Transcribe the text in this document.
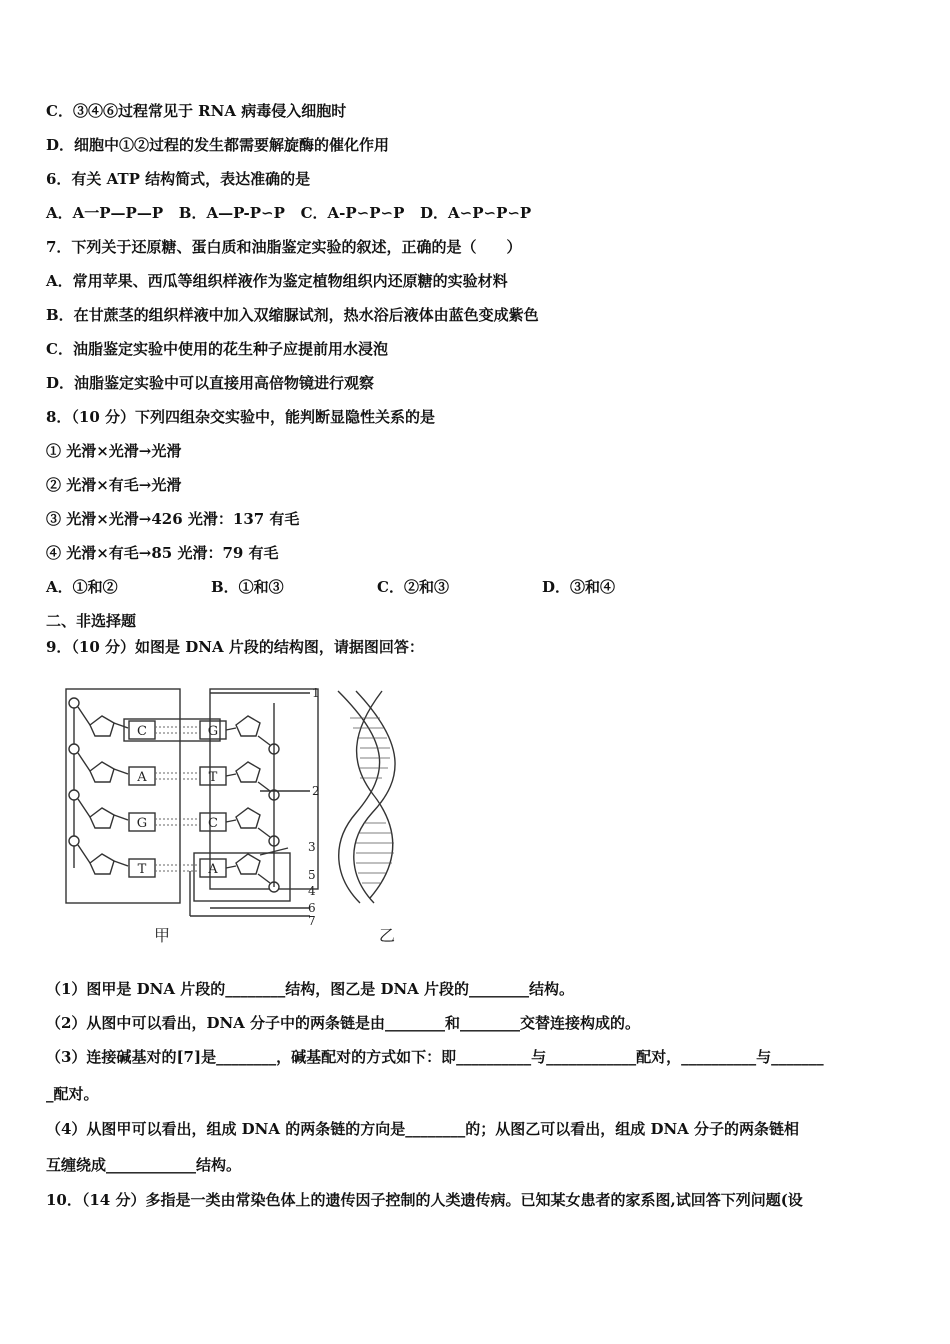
C．③④⑥过程常见于 RNA 病毒侵入细胞时
D．细胞中①②过程的发生都需要解旋酶的催化作用
6．有关 ATP 结构简式，表达准确的是
A．A一P—P—P   B．A—P-P∽P   C．A-P∽P∽P   D．A∽P∽P∽P
7．下列关于还原糖、蛋白质和油脂鉴定实验的叙述，正确的是（　　）
A．常用苹果、西瓜等组织样液作为鉴定植物组织内还原糖的实验材料
B．在甘蔗茎的组织样液中加入双缩脲试剂，热水浴后液体由蓝色变成紫色
C．油脂鉴定实验中使用的花生种子应提前用水浸泡
D．油脂鉴定实验中可以直接用高倍物镜进行观察
8．（10 分）下列四组杂交实验中，能判断显隐性关系的是
① 光滑×光滑→光滑
② 光滑×有毛→光滑
③ 光滑×光滑→426 光滑：137 有毛
④ 光滑×有毛→85 光滑：79 有毛
A．①和②	B．①和③	C．②和③	D．③和④
二、非选择题
9．（10 分）如图是 DNA 片段的结构图，请据图回答：
C
A
G
T
G
T
C
A
1
2
3
4
5
6
7
甲	乙
（1）图甲是 DNA 片段的________结构，图乙是 DNA 片段的________结构。
（2）从图中可以看出，DNA 分子中的两条链是由________和________交替连接构成的。
（3）连接碱基对的[7]是________，碱基配对的方式如下：即__________与____________配对，__________与_______
_配对。
（4）从图甲可以看出，组成 DNA 的两条链的方向是________的；从图乙可以看出，组成 DNA 分子的两条链相
互缠绕成____________结构。
10．（14 分）多指是一类由常染色体上的遗传因子控制的人类遗传病。已知某女患者的家系图,试回答下列问题(设
